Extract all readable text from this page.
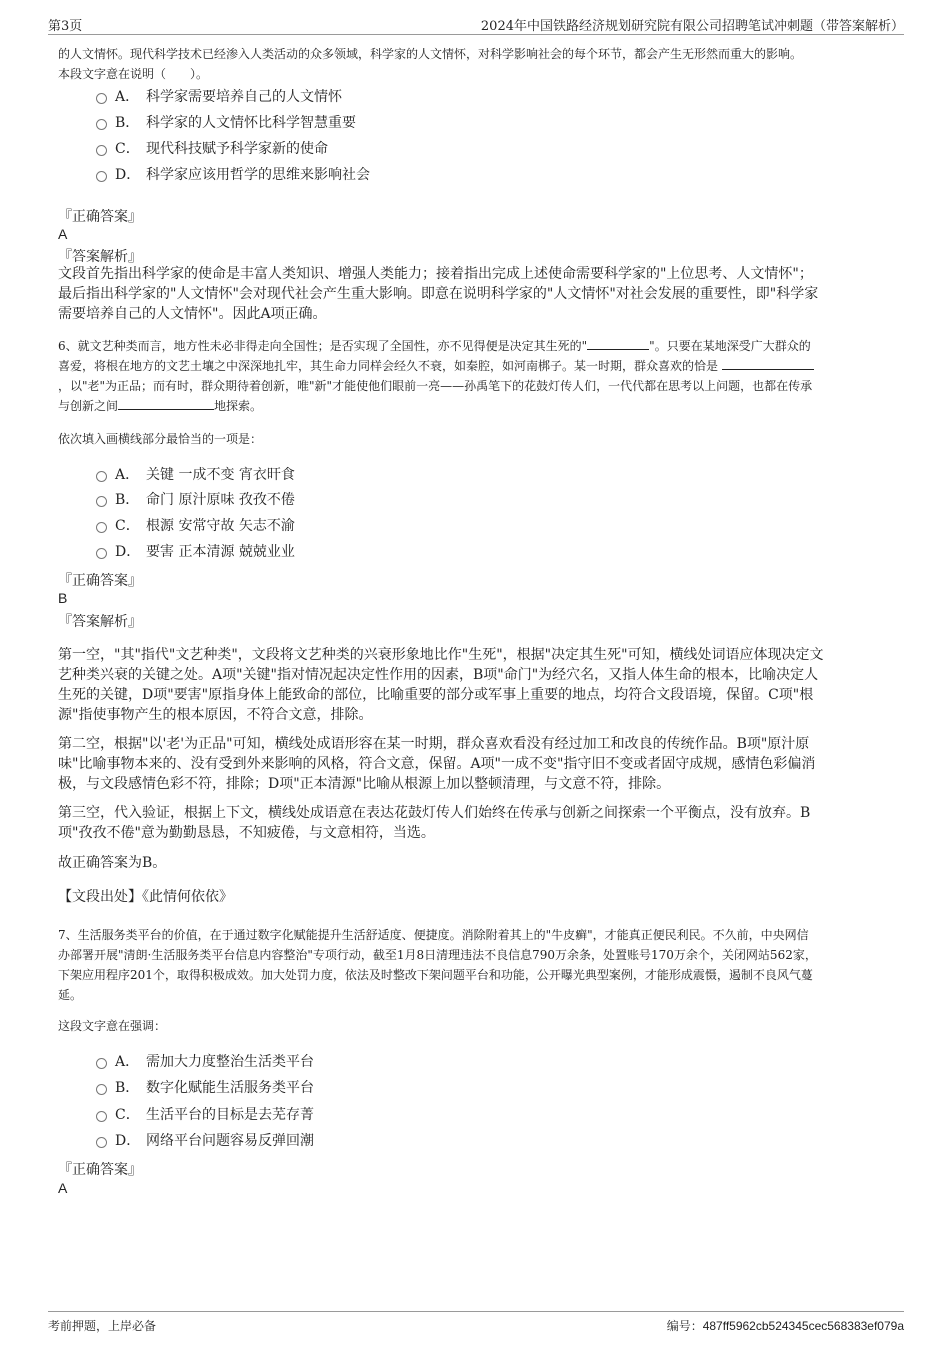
第3页	2024年中国铁路经济规划研究院有限公司招聘笔试冲刺题（带答案解析）
的人文情怀。现代科学技术已经渗入人类活动的众多领域，科学家的人文情怀，对科学影响社会的每个环节，都会产生无形然而重大的影响。
本段文字意在说明（　　）。
A． 科学家需要培养自己的人文情怀
B． 科学家的人文情怀比科学智慧重要
C． 现代科技赋予科学家新的使命
D． 科学家应该用哲学的思维来影响社会
『正确答案』
A
『答案解析』
文段首先指出科学家的使命是丰富人类知识、增强人类能力；接着指出完成上述使命需要科学家的"上位思考、人文情怀"；
最后指出科学家的"人文情怀"会对现代社会产生重大影响。即意在说明科学家的"人文情怀"对社会发展的重要性，即"科学家
需要培养自己的人文情怀"。因此A项正确。
6、就文艺种类而言，地方性未必非得走向全国性；是否实现了全国性，亦不见得便是决定其生死的"	"。只要在某地深受广大群众的
喜爱，将根在地方的文艺土壤之中深深地扎牢，其生命力同样会经久不衰，如秦腔，如河南梆子。某一时期，群众喜欢的恰是
，以"老"为正品；而有时，群众期待着创新，唯"新"才能使他们眼前一亮——孙禹笔下的花鼓灯传人们，一代代都在思考以上问题，也都在传承
与创新之间	地探索。
依次填入画横线部分最恰当的一项是：
A． 关键 一成不变 宵衣旰食
B． 命门 原汁原味 孜孜不倦
C． 根源 安常守故 矢志不渝
D． 要害 正本清源 兢兢业业
『正确答案』
B
『答案解析』
第一空，"其"指代"文艺种类"，文段将文艺种类的兴衰形象地比作"生死"，根据"决定其生死"可知，横线处词语应体现决定文
艺种类兴衰的关键之处。A项"关键"指对情况起决定性作用的因素，B项"命门"为经穴名，又指人体生命的根本，比喻决定人
生死的关键，D项"要害"原指身体上能致命的部位，比喻重要的部分或军事上重要的地点，均符合文段语境，保留。C项"根
源"指使事物产生的根本原因，不符合文意，排除。
第二空，根据"以'老'为正品"可知，横线处成语形容在某一时期，群众喜欢看没有经过加工和改良的传统作品。B项"原汁原
味"比喻事物本来的、没有受到外来影响的风格，符合文意，保留。A项"一成不变"指守旧不变或者固守成规，感情色彩偏消
极，与文段感情色彩不符，排除；D项"正本清源"比喻从根源上加以整顿清理，与文意不符，排除。
第三空，代入验证，根据上下文，横线处成语意在表达花鼓灯传人们始终在传承与创新之间探索一个平衡点，没有放弃。B
项"孜孜不倦"意为勤勤恳恳，不知疲倦，与文意相符，当选。
故正确答案为B。
【文段出处】《此情何依依》
7、生活服务类平台的价值，在于通过数字化赋能提升生活舒适度、便捷度。消除附着其上的"牛皮癣"，才能真正便民利民。不久前，中央网信
办部署开展"清朗·生活服务类平台信息内容整治"专项行动，截至1月8日清理违法不良信息790万余条，处置账号170万余个，关闭网站562家，
下架应用程序201个，取得积极成效。加大处罚力度，依法及时整改下架问题平台和功能，公开曝光典型案例，才能形成震慑，遏制不良风气蔓
延。
这段文字意在强调：
A． 需加大力度整治生活类平台
B． 数字化赋能生活服务类平台
C． 生活平台的目标是去芜存菁
D． 网络平台问题容易反弹回潮
『正确答案』
A
考前押题，上岸必备	编号：487ff5962cb524345cec568383ef079a
